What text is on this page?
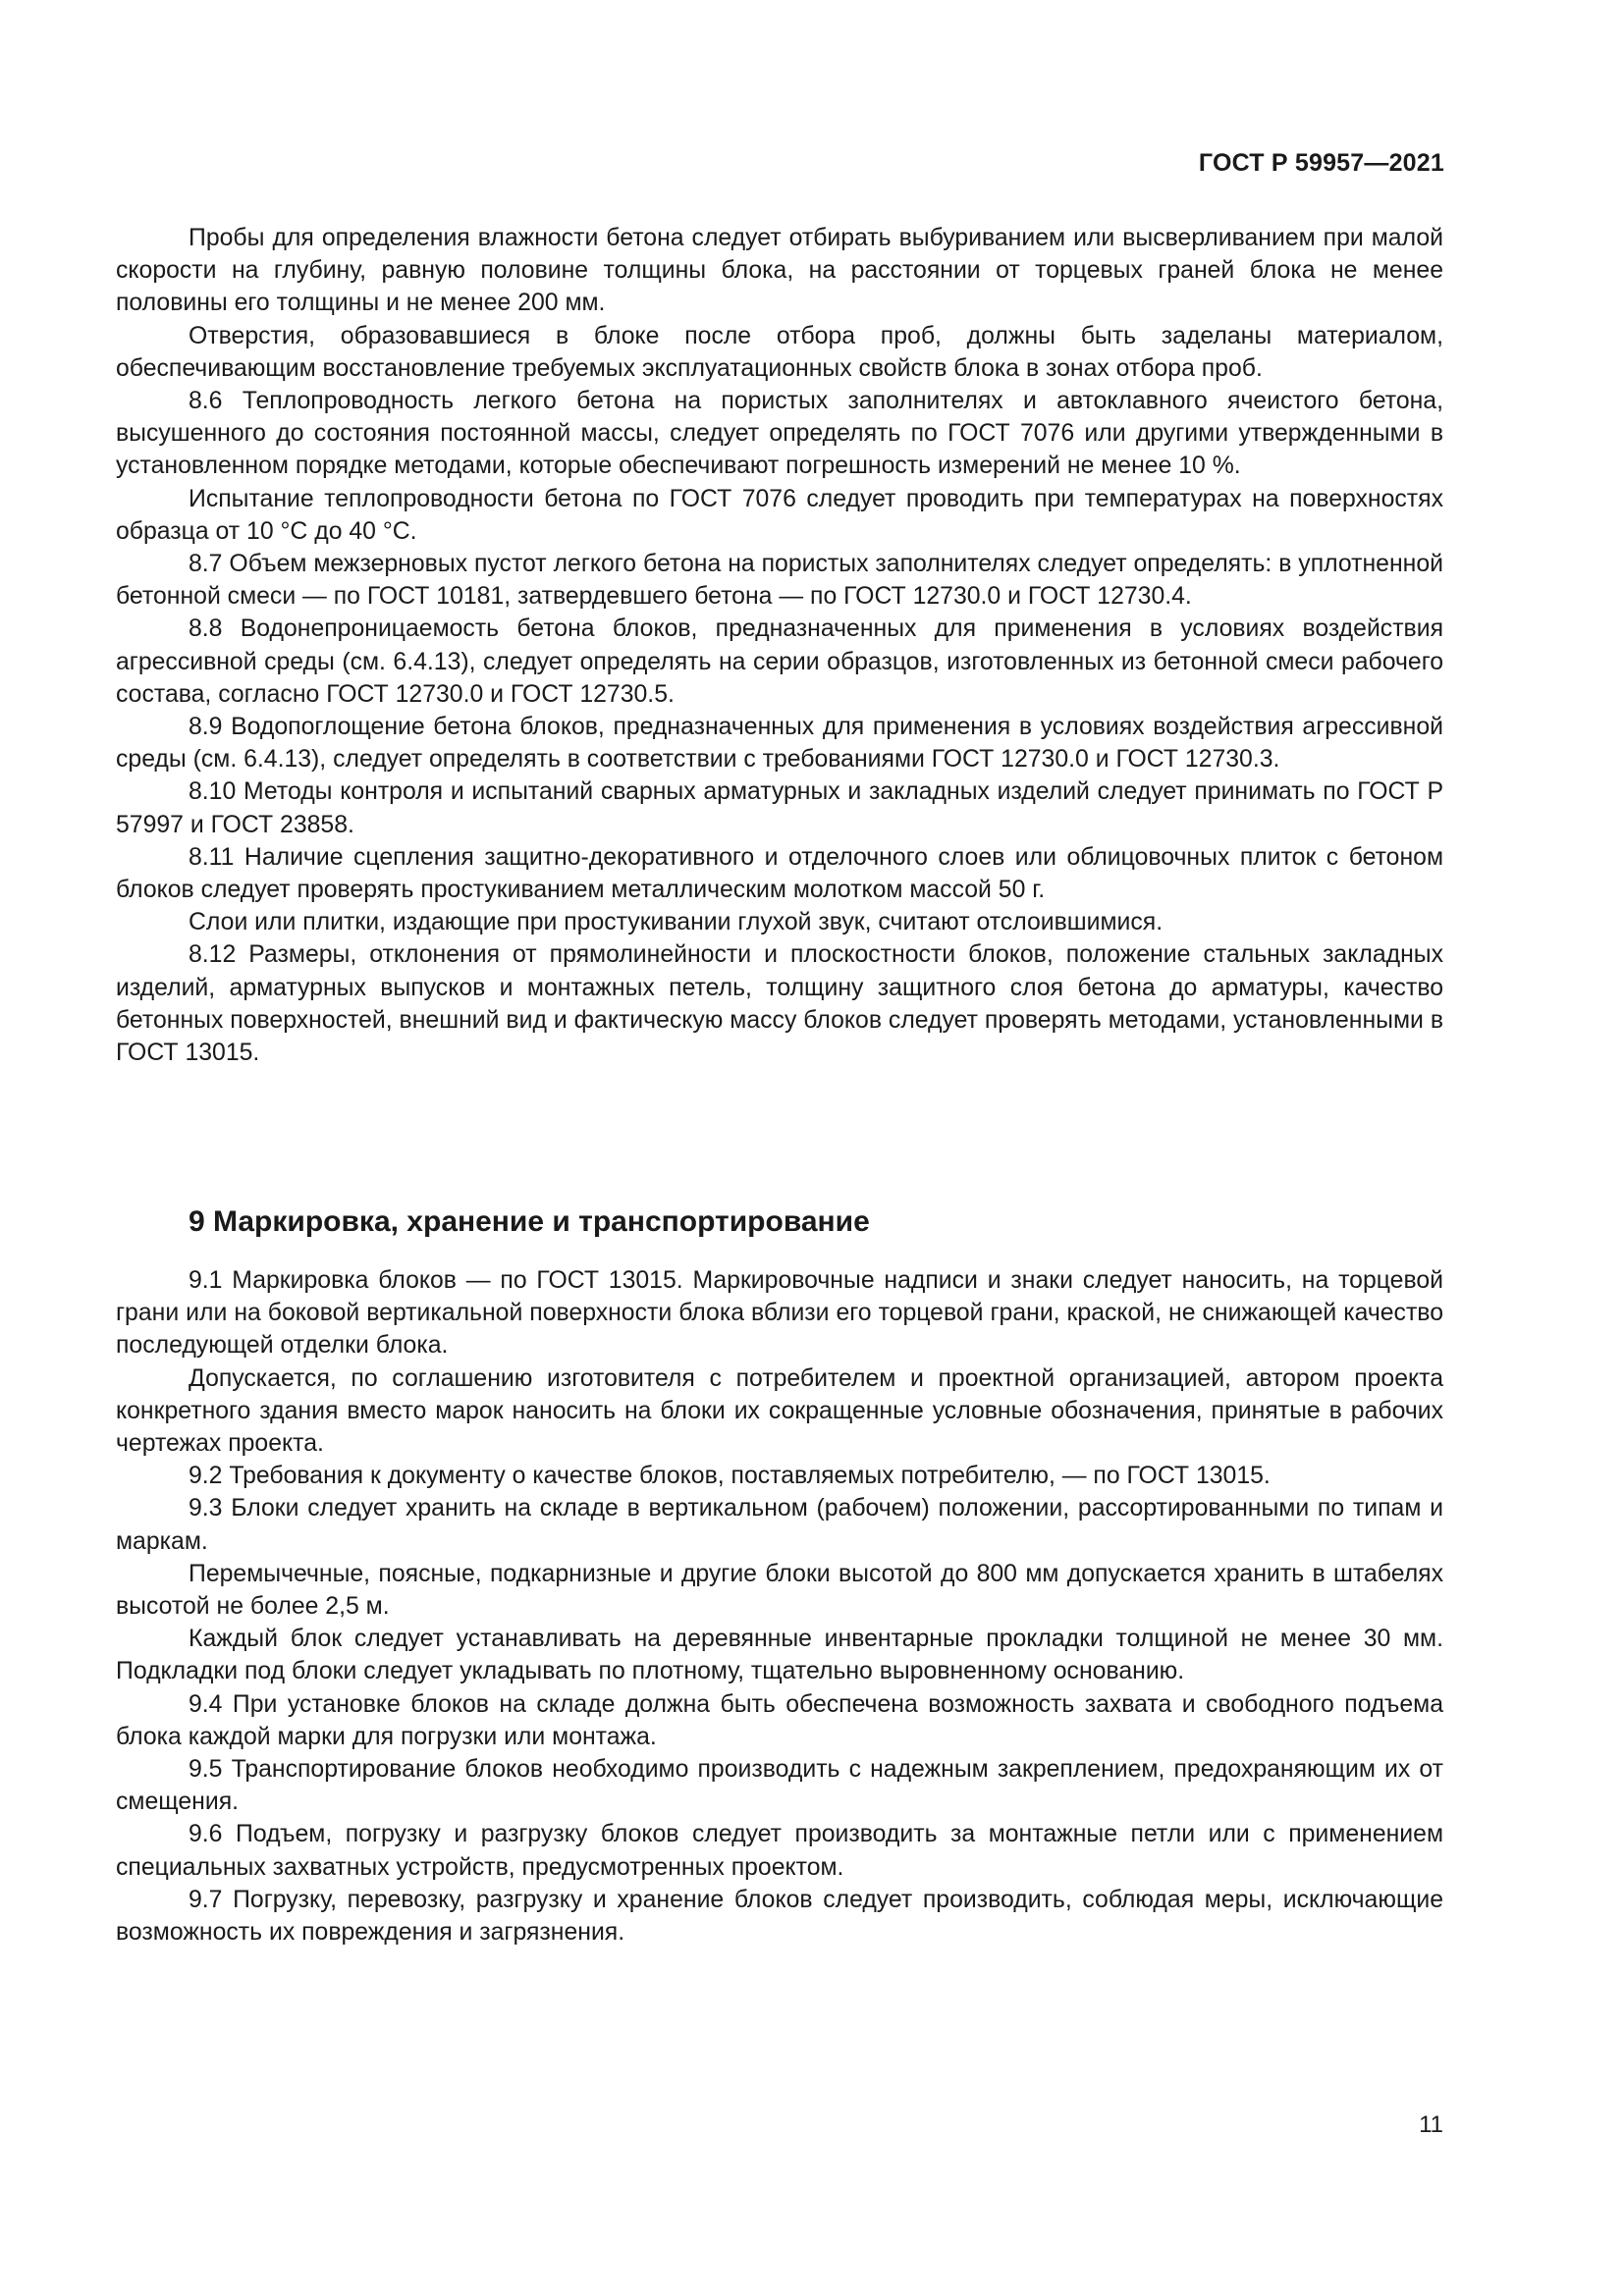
ГОСТ Р 59957—2021

Пробы для определения влажности бетона следует отбирать выбуриванием или высверливанием при малой скорости на глубину, равную половине толщины блока, на расстоянии от торцевых граней блока не менее половины его толщины и не менее 200 мм.

Отверстия, образовавшиеся в блоке после отбора проб, должны быть заделаны материалом, обеспечивающим восстановление требуемых эксплуатационных свойств блока в зонах отбора проб.

8.6 Теплопроводность легкого бетона на пористых заполнителях и автоклавного ячеистого бетона, высушенного до состояния постоянной массы, следует определять по ГОСТ 7076 или другими утвержденными в установленном порядке методами, которые обеспечивают погрешность измерений не менее 10 %.

Испытание теплопроводности бетона по ГОСТ 7076 следует проводить при температурах на поверхностях образца от 10 °С до 40 °С.

8.7 Объем межзерновых пустот легкого бетона на пористых заполнителях следует определять: в уплотненной бетонной смеси — по ГОСТ 10181, затвердевшего бетона — по ГОСТ 12730.0 и ГОСТ 12730.4.

8.8 Водонепроницаемость бетона блоков, предназначенных для применения в условиях воздействия агрессивной среды (см. 6.4.13), следует определять на серии образцов, изготовленных из бетонной смеси рабочего состава, согласно ГОСТ 12730.0 и ГОСТ 12730.5.

8.9 Водопоглощение бетона блоков, предназначенных для применения в условиях воздействия агрессивной среды (см. 6.4.13), следует определять в соответствии с требованиями ГОСТ 12730.0 и ГОСТ 12730.3.

8.10 Методы контроля и испытаний сварных арматурных и закладных изделий следует принимать по ГОСТ Р 57997 и ГОСТ 23858.

8.11 Наличие сцепления защитно-декоративного и отделочного слоев или облицовочных плиток с бетоном блоков следует проверять простукиванием металлическим молотком массой 50 г.

Слои или плитки, издающие при простукивании глухой звук, считают отслоившимися.

8.12 Размеры, отклонения от прямолинейности и плоскостности блоков, положение стальных закладных изделий, арматурных выпусков и монтажных петель, толщину защитного слоя бетона до арматуры, качество бетонных поверхностей, внешний вид и фактическую массу блоков следует проверять методами, установленными в ГОСТ 13015.

9 Маркировка, хранение и транспортирование

9.1 Маркировка блоков — по ГОСТ 13015. Маркировочные надписи и знаки следует наносить, на торцевой грани или на боковой вертикальной поверхности блока вблизи его торцевой грани, краской, не снижающей качество последующей отделки блока.

Допускается, по соглашению изготовителя с потребителем и проектной организацией, автором проекта конкретного здания вместо марок наносить на блоки их сокращенные условные обозначения, принятые в рабочих чертежах проекта.

9.2 Требования к документу о качестве блоков, поставляемых потребителю, — по ГОСТ 13015.

9.3 Блоки следует хранить на складе в вертикальном (рабочем) положении, рассортированными по типам и маркам.

Перемычечные, поясные, подкарнизные и другие блоки высотой до 800 мм допускается хранить в штабелях высотой не более 2,5 м.

Каждый блок следует устанавливать на деревянные инвентарные прокладки толщиной не менее 30 мм. Подкладки под блоки следует укладывать по плотному, тщательно выровненному основанию.

9.4 При установке блоков на складе должна быть обеспечена возможность захвата и свободного подъема блока каждой марки для погрузки или монтажа.

9.5 Транспортирование блоков необходимо производить с надежным закреплением, предохраняющим их от смещения.

9.6 Подъем, погрузку и разгрузку блоков следует производить за монтажные петли или с применением специальных захватных устройств, предусмотренных проектом.

9.7 Погрузку, перевозку, разгрузку и хранение блоков следует производить, соблюдая меры, исключающие возможность их повреждения и загрязнения.

11
